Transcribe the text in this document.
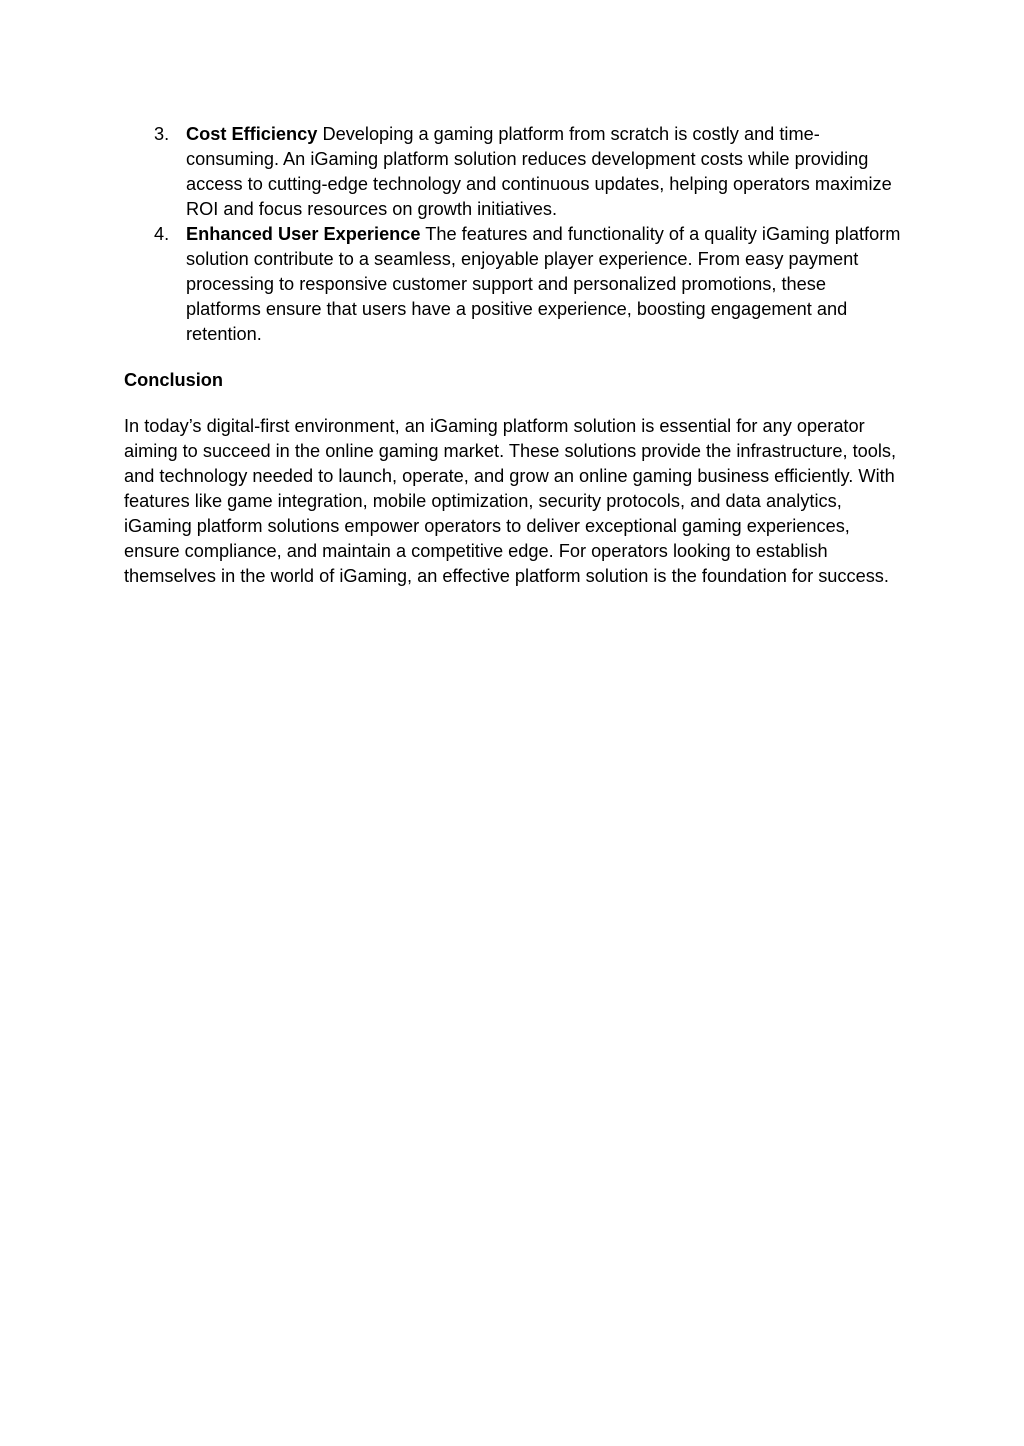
3. Cost Efficiency Developing a gaming platform from scratch is costly and time-consuming. An iGaming platform solution reduces development costs while providing access to cutting-edge technology and continuous updates, helping operators maximize ROI and focus resources on growth initiatives.
4. Enhanced User Experience The features and functionality of a quality iGaming platform solution contribute to a seamless, enjoyable player experience. From easy payment processing to responsive customer support and personalized promotions, these platforms ensure that users have a positive experience, boosting engagement and retention.

Conclusion

In today’s digital-first environment, an iGaming platform solution is essential for any operator aiming to succeed in the online gaming market. These solutions provide the infrastructure, tools, and technology needed to launch, operate, and grow an online gaming business efficiently. With features like game integration, mobile optimization, security protocols, and data analytics, iGaming platform solutions empower operators to deliver exceptional gaming experiences, ensure compliance, and maintain a competitive edge. For operators looking to establish themselves in the world of iGaming, an effective platform solution is the foundation for success.
